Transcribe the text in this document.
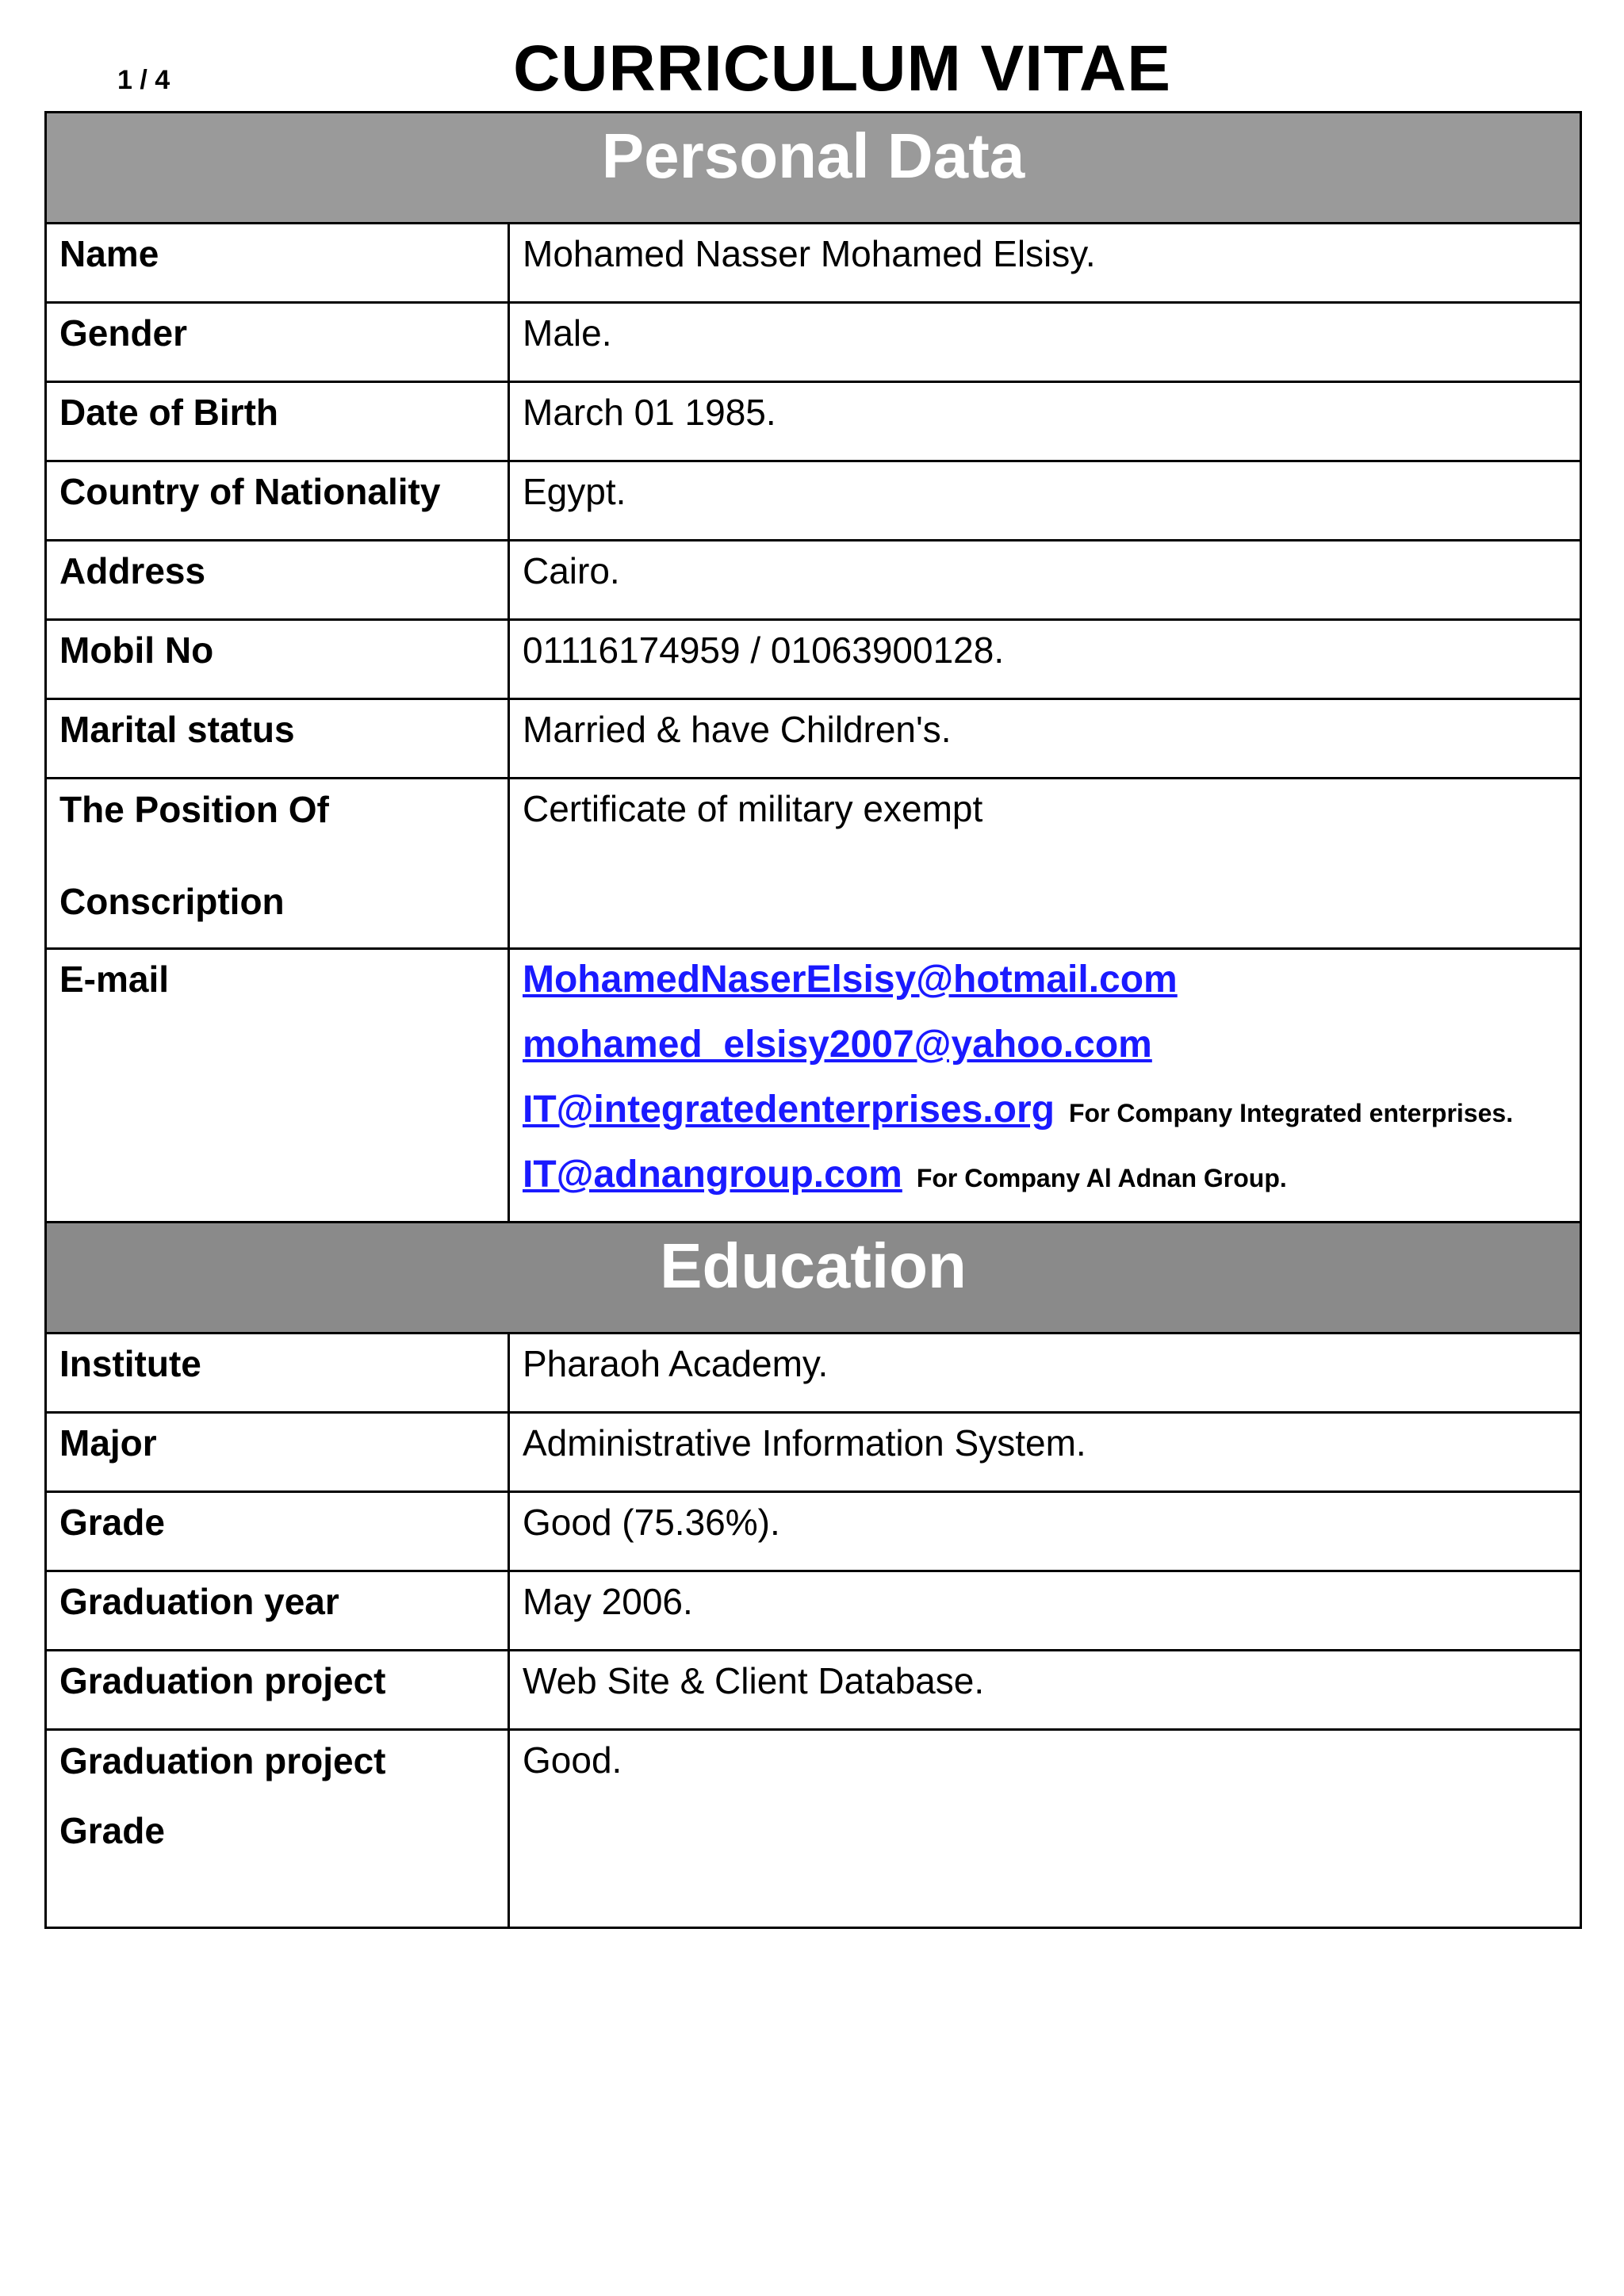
1 / 4	CURRICULUM VITAE
Personal Data	
Name	Mohamed Nasser Mohamed Elsisy.
Gender	Male.
Date of Birth	March 01 1985.
Country of Nationality	Egypt.
Address	Cairo.
Mobil No	01116174959 / 01063900128.
Marital status	Married & have Children's.

The Position Of Conscription	Certificate of military exempt
E-mail	MohamedNaserElsisy@hotmail.com
mohamed_elsisy2007@yahoo.com
IT@integratedenterprises.org For Company Integrated enterprises.
IT@adnangroup.com For Company Al Adnan Group.

Education	
Institute	Pharaoh Academy.
Major	Administrative Information System.
Grade	Good (75.36%).
Graduation year	May 2006.
Graduation project	Web Site & Client Database.

Graduation project Grade	Good.
